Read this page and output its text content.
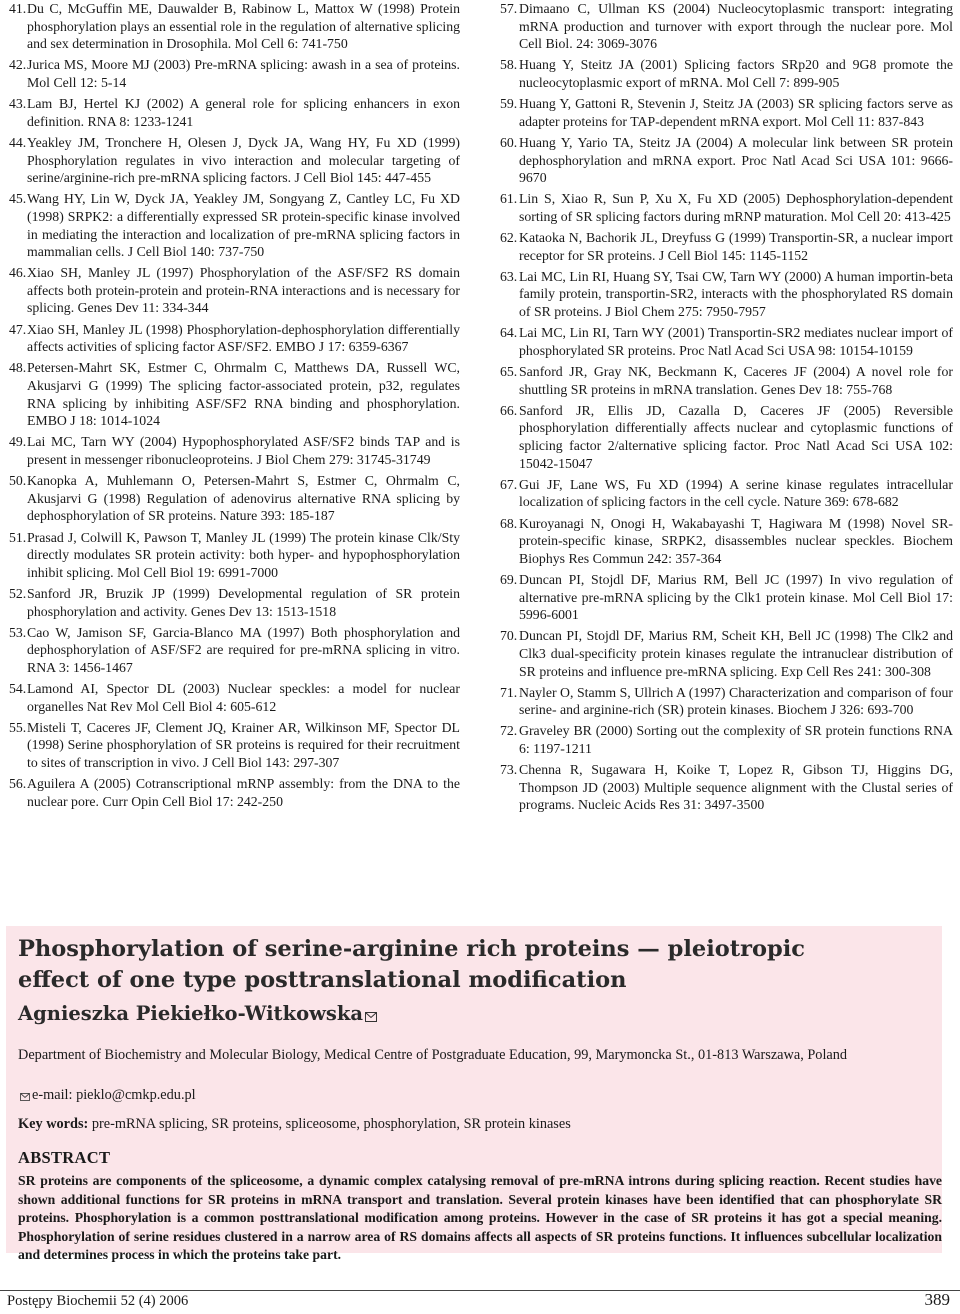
41. Du C, McGuffin ME, Dauwalder B, Rabinow L, Mattox W (1998) Protein phosphorylation plays an essential role in the regulation of alternative splicing and sex determination in Drosophila. Mol Cell 6: 741-750

42. Jurica MS, Moore MJ (2003) Pre-mRNA splicing: awash in a sea of proteins. Mol Cell 12: 5-14

43. Lam BJ, Hertel KJ (2002) A general role for splicing enhancers in exon definition. RNA 8: 1233-1241

44. Yeakley JM, Tronchere H, Olesen J, Dyck JA, Wang HY, Fu XD (1999) Phosphorylation regulates in vivo interaction and molecular targeting of serine/arginine-rich pre-mRNA splicing factors. J Cell Biol 145: 447-455

45. Wang HY, Lin W, Dyck JA, Yeakley JM, Songyang Z, Cantley LC, Fu XD (1998) SRPK2: a differentially expressed SR protein-specific kinase involved in mediating the interaction and localization of pre-mRNA splicing factors in mammalian cells. J Cell Biol 140: 737-750

46. Xiao SH, Manley JL (1997) Phosphorylation of the ASF/SF2 RS domain affects both protein-protein and protein-RNA interactions and is necessary for splicing. Genes Dev 11: 334-344

47. Xiao SH, Manley JL (1998) Phosphorylation-dephosphorylation differentially affects activities of splicing factor ASF/SF2. EMBO J 17: 6359-6367

48. Petersen-Mahrt SK, Estmer C, Ohrmalm C, Matthews DA, Russell WC, Akusjarvi G (1999) The splicing factor-associated protein, p32, regulates RNA splicing by inhibiting ASF/SF2 RNA binding and phosphorylation. EMBO J 18: 1014-1024

49. Lai MC, Tarn WY (2004) Hypophosphorylated ASF/SF2 binds TAP and is present in messenger ribonucleoproteins. J Biol Chem 279: 31745-31749

50. Kanopka A, Muhlemann O, Petersen-Mahrt S, Estmer C, Ohrmalm C, Akusjarvi G (1998) Regulation of adenovirus alternative RNA splicing by dephosphorylation of SR proteins. Nature 393: 185-187

51. Prasad J, Colwill K, Pawson T, Manley JL (1999) The protein kinase Clk/Sty directly modulates SR protein activity: both hyper- and hypophosphorylation inhibit splicing. Mol Cell Biol 19: 6991-7000

52. Sanford JR, Bruzik JP (1999) Developmental regulation of SR protein phosphorylation and activity. Genes Dev 13: 1513-1518

53. Cao W, Jamison SF, Garcia-Blanco MA (1997) Both phosphorylation and dephosphorylation of ASF/SF2 are required for pre-mRNA splicing in vitro. RNA 3: 1456-1467

54. Lamond AI, Spector DL (2003) Nuclear speckles: a model for nuclear organelles Nat Rev Mol Cell Biol 4: 605-612

55. Misteli T, Caceres JF, Clement JQ, Krainer AR, Wilkinson MF, Spector DL (1998) Serine phosphorylation of SR proteins is required for their recruitment to sites of transcription in vivo. J Cell Biol 143: 297-307

56. Aguilera A (2005) Cotranscriptional mRNP assembly: from the DNA to the nuclear pore. Curr Opin Cell Biol 17: 242-250

57. Dimaano C, Ullman KS (2004) Nucleocytoplasmic transport: integrating mRNA production and turnover with export through the nuclear pore. Mol Cell Biol. 24: 3069-3076

58. Huang Y, Steitz JA (2001) Splicing factors SRp20 and 9G8 promote the nucleocytoplasmic export of mRNA. Mol Cell 7: 899-905

59. Huang Y, Gattoni R, Stevenin J, Steitz JA (2003) SR splicing factors serve as adapter proteins for TAP-dependent mRNA export. Mol Cell 11: 837-843

60. Huang Y, Yario TA, Steitz JA (2004) A molecular link between SR protein dephosphorylation and mRNA export. Proc Natl Acad Sci USA 101: 9666-9670

61. Lin S, Xiao R, Sun P, Xu X, Fu XD (2005) Dephosphorylation-dependent sorting of SR splicing factors during mRNP maturation. Mol Cell 20: 413-425

62. Kataoka N, Bachorik JL, Dreyfuss G (1999) Transportin-SR, a nuclear import receptor for SR proteins. J Cell Biol 145: 1145-1152

63. Lai MC, Lin RI, Huang SY, Tsai CW, Tarn WY (2000) A human importin-beta family protein, transportin-SR2, interacts with the phosphorylated RS domain of SR proteins. J Biol Chem 275: 7950-7957

64. Lai MC, Lin RI, Tarn WY (2001) Transportin-SR2 mediates nuclear import of phosphorylated SR proteins. Proc Natl Acad Sci USA 98: 10154-10159

65. Sanford JR, Gray NK, Beckmann K, Caceres JF (2004) A novel role for shuttling SR proteins in mRNA translation. Genes Dev 18: 755-768

66. Sanford JR, Ellis JD, Cazalla D, Caceres JF (2005) Reversible phosphorylation differentially affects nuclear and cytoplasmic functions of splicing factor 2/alternative splicing factor. Proc Natl Acad Sci USA 102: 15042-15047

67. Gui JF, Lane WS, Fu XD (1994) A serine kinase regulates intracellular localization of splicing factors in the cell cycle. Nature 369: 678-682

68. Kuroyanagi N, Onogi H, Wakabayashi T, Hagiwara M (1998) Novel SR-protein-specific kinase, SRPK2, disassembles nuclear speckles. Biochem Biophys Res Commun 242: 357-364

69. Duncan PI, Stojdl DF, Marius RM, Bell JC (1997) In vivo regulation of alternative pre-mRNA splicing by the Clk1 protein kinase. Mol Cell Biol 17: 5996-6001

70. Duncan PI, Stojdl DF, Marius RM, Scheit KH, Bell JC (1998) The Clk2 and Clk3 dual-specificity protein kinases regulate the intranuclear distribution of SR proteins and influence pre-mRNA splicing. Exp Cell Res 241: 300-308

71. Nayler O, Stamm S, Ullrich A (1997) Characterization and comparison of four serine- and arginine-rich (SR) protein kinases. Biochem J 326: 693-700

72. Graveley BR (2000) Sorting out the complexity of SR protein functions RNA 6: 1197-1211

73. Chenna R, Sugawara H, Koike T, Lopez R, Gibson TJ, Higgins DG, Thompson JD (2003) Multiple sequence alignment with the Clustal series of programs. Nucleic Acids Res 31: 3497-3500

Phosphorylation of serine-arginine rich proteins — pleiotropic effect of one type posttranslational modification
Agnieszka Piekiełko-Witkowska
Department of Biochemistry and Molecular Biology, Medical Centre of Postgraduate Education, 99, Marymoncka St., 01-813 Warszawa, Poland
e-mail: pieklo@cmkp.edu.pl
Key words: pre-mRNA splicing, SR proteins, spliceosome, phosphorylation, SR protein kinases
ABSTRACT

SR proteins are components of the spliceosome, a dynamic complex catalysing removal of pre-mRNA introns during splicing reaction. Recent studies have shown additional functions for SR proteins in mRNA transport and translation. Several protein kinases have been identified that can phosphorylate SR proteins. Phosphorylation is a common posttranslational modification among proteins. However in the case of SR proteins it has got a special meaning. Phosphorylation of serine residues clustered in a narrow area of RS domains affects all aspects of SR proteins functions. It influences subcellular localization and determines process in which the proteins take part.

Postępy Biochemii 52 (4) 2006	389
